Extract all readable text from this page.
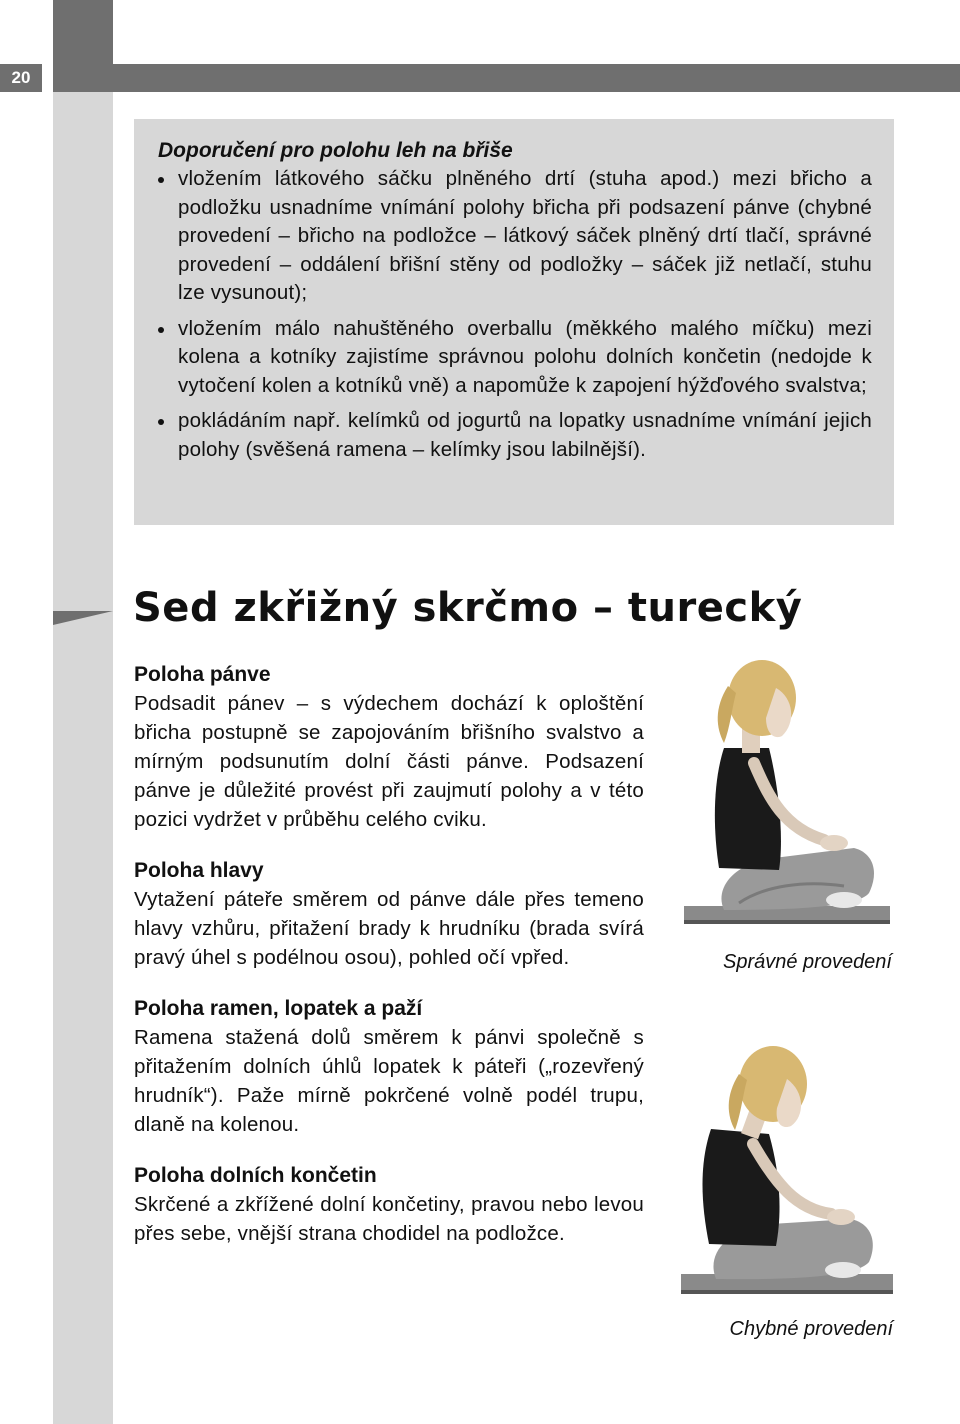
20
Doporučení pro polohu leh na břiše
vložením látkového sáčku plněného drtí (stuha apod.) mezi břicho a podložku usnadníme vnímání polohy břicha při podsazení pánve (chybné provedení – břicho na podložce – látkový sáček plněný drtí tlačí, správné provedení – oddálení břišní stěny od podložky – sáček již netlačí, stuhu lze vysunout);
vložením málo nahuštěného overballu (měkkého malého míčku) mezi kolena a kotníky zajistíme správnou polohu dolních končetin (nedojde k vytočení kolen a kotníků vně) a napomůže k zapojení hýžďového svalstva;
pokládáním např. kelímků od jogurtů na lopatky usnadníme vnímání jejich polohy (svěšená ramena – kelímky jsou labilnější).
Sed zkřižný skrčmo – turecký
Poloha pánve

Podsadit pánev – s výdechem dochází k oploštění břicha postupně se zapojováním břišního svalstvo a mírným podsunutím dolní části pánve. Podsazení pánve je důležité provést při zaujmutí polohy a v této pozici vydržet v průběhu celého cviku.

Poloha hlavy

Vytažení páteře směrem od pánve dále přes temeno hlavy vzhůru, přitažení brady k hrudníku (brada svírá pravý úhel s podélnou osou), pohled očí vpřed.

Poloha ramen, lopatek a paží

Ramena stažená dolů směrem k pánvi společně s přitažením dolních úhlů lopatek k páteři („rozevřený hrudník“). Paže mírně pokrčené volně podél trupu, dlaně na kolenou.

Poloha dolních končetin

Skrčené a zkřížené dolní končetiny, pravou nebo levou přes sebe, vnější strana chodidel na podložce.

Správné provedení
Chybné provedení
